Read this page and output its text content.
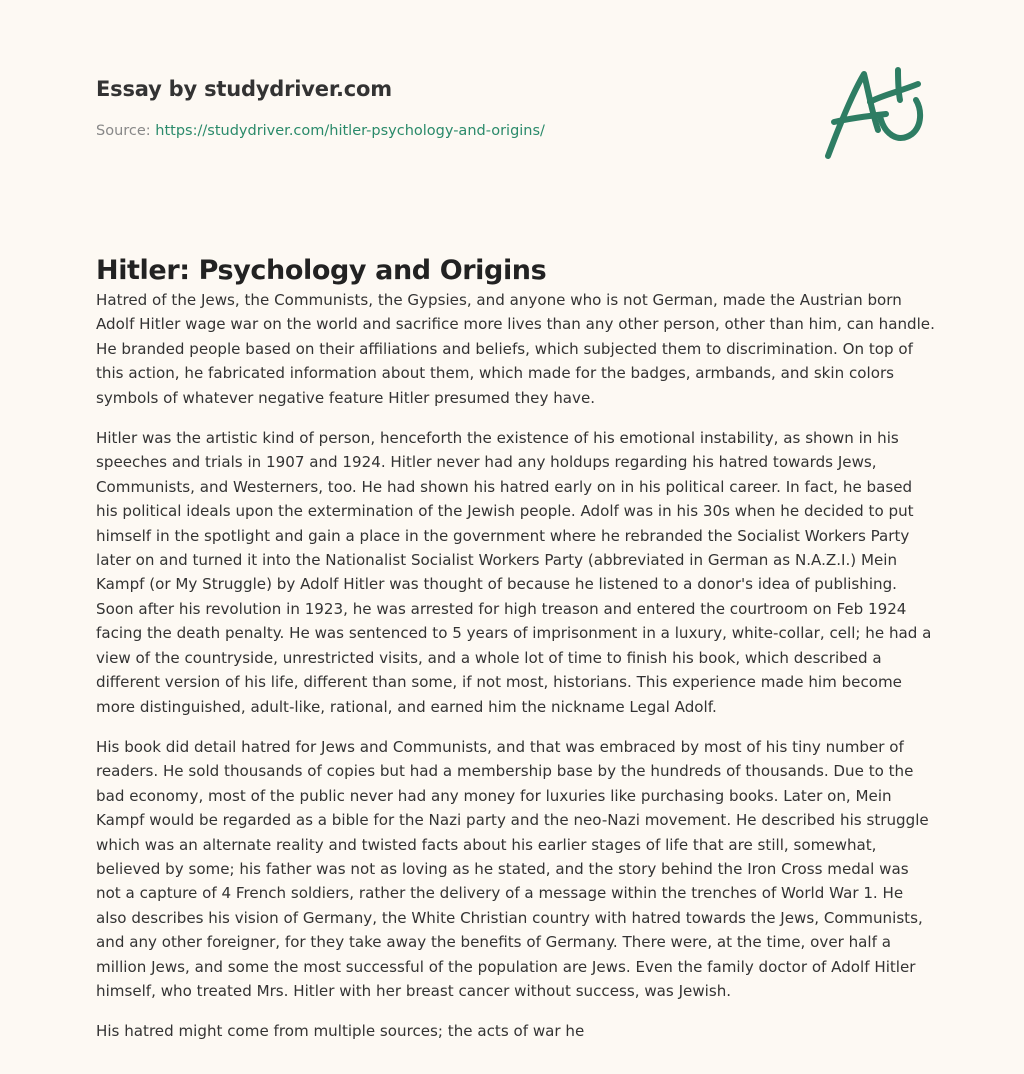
Essay by studydriver.com
Source: https://studydriver.com/hitler-psychology-and-origins/
Hitler: Psychology and Origins

Hatred of the Jews, the Communists, the Gypsies, and anyone who is not German, made the Austrian born Adolf Hitler wage war on the world and sacrifice more lives than any other person, other than him, can handle. He branded people based on their affiliations and beliefs, which subjected them to discrimination. On top of this action, he fabricated information about them, which made for the badges, armbands, and skin colors symbols of whatever negative feature Hitler presumed they have.

Hitler was the artistic kind of person, henceforth the existence of his emotional instability, as shown in his speeches and trials in 1907 and 1924. Hitler never had any holdups regarding his hatred towards Jews, Communists, and Westerners, too. He had shown his hatred early on in his political career. In fact, he based his political ideals upon the extermination of the Jewish people. Adolf was in his 30s when he decided to put himself in the spotlight and gain a place in the government where he rebranded the Socialist Workers Party later on and turned it into the Nationalist Socialist Workers Party (abbreviated in German as N.A.Z.I.) Mein Kampf (or My Struggle) by Adolf Hitler was thought of because he listened to a donor's idea of publishing. Soon after his revolution in 1923, he was arrested for high treason and entered the courtroom on Feb 1924 facing the death penalty. He was sentenced to 5 years of imprisonment in a luxury, white-collar, cell; he had a view of the countryside, unrestricted visits, and a whole lot of time to finish his book, which described a different version of his life, different than some, if not most, historians. This experience made him become more distinguished, adult-like, rational, and earned him the nickname Legal Adolf.

His book did detail hatred for Jews and Communists, and that was embraced by most of his tiny number of readers. He sold thousands of copies but had a membership base by the hundreds of thousands. Due to the bad economy, most of the public never had any money for luxuries like purchasing books. Later on, Mein Kampf would be regarded as a bible for the Nazi party and the neo-Nazi movement. He described his struggle which was an alternate reality and twisted facts about his earlier stages of life that are still, somewhat, believed by some; his father was not as loving as he stated, and the story behind the Iron Cross medal was not a capture of 4 French soldiers, rather the delivery of a message within the trenches of World War 1. He also describes his vision of Germany, the White Christian country with hatred towards the Jews, Communists, and any other foreigner, for they take away the benefits of Germany. There were, at the time, over half a million Jews, and some the most successful of the population are Jews. Even the family doctor of Adolf Hitler himself, who treated Mrs. Hitler with her breast cancer without success, was Jewish.

His hatred might come from multiple sources; the acts of war he
